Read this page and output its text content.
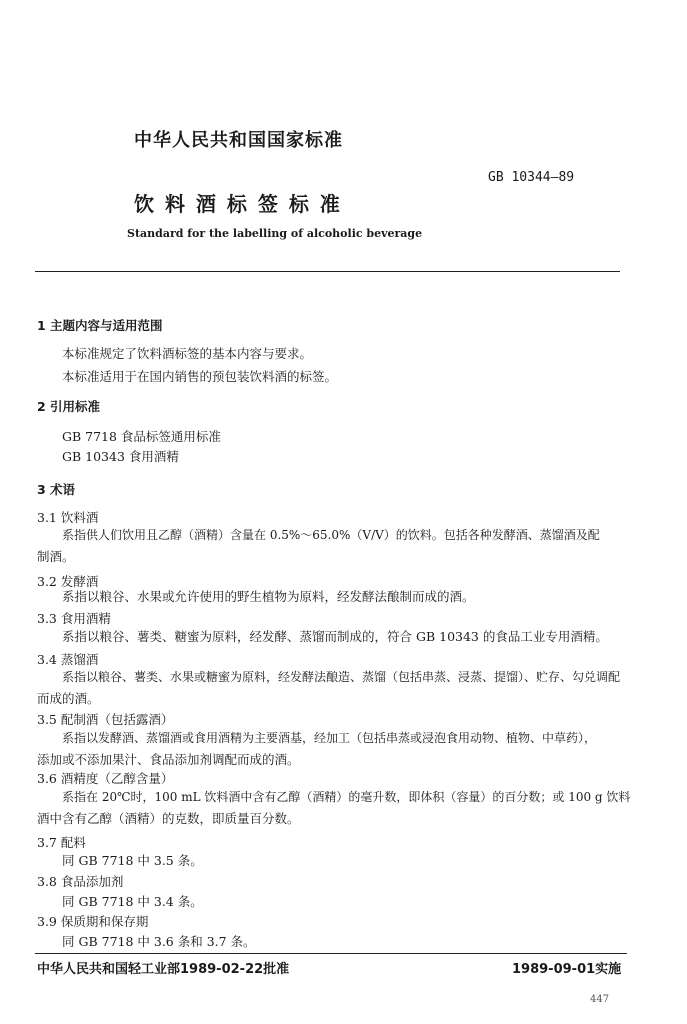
中华人民共和国国家标准
GB 10344—89
饮 料 酒 标 签 标 准
Standard for the labelling of alcoholic beverage
1 主题内容与适用范围
本标准规定了饮料酒标签的基本内容与要求。
本标准适用于在国内销售的预包装饮料酒的标签。
2 引用标准
GB 7718 食品标签通用标准
GB 10343 食用酒精
3 术语
3.1 饮料酒
系指供人们饮用且乙醇（酒精）含量在 0.5%～65.0%（V/V）的饮料。包括各种发酵酒、蒸馏酒及配
制酒。
3.2 发酵酒
系指以粮谷、水果或允许使用的野生植物为原料，经发酵法酿制而成的酒。
3.3 食用酒精
系指以粮谷、薯类、糖蜜为原料，经发酵、蒸馏而制成的，符合 GB 10343 的食品工业专用酒精。
3.4 蒸馏酒
系指以粮谷、薯类、水果或糖蜜为原料，经发酵法酿造、蒸馏（包括串蒸、浸蒸、提馏）、贮存、勾兑调配
而成的酒。
3.5 配制酒（包括露酒）
系指以发酵酒、蒸馏酒或食用酒精为主要酒基，经加工（包括串蒸或浸泡食用动物、植物、中草药），
添加或不添加果汁、食品添加剂调配而成的酒。
3.6 酒精度（乙醇含量）
系指在 20℃时，100 mL 饮料酒中含有乙醇（酒精）的毫升数，即体积（容量）的百分数；或 100 g 饮料
酒中含有乙醇（酒精）的克数，即质量百分数。
3.7 配料
同 GB 7718 中 3.5 条。
3.8 食品添加剂
同 GB 7718 中 3.4 条。
3.9 保质期和保存期
同 GB 7718 中 3.6 条和 3.7 条。
中华人民共和国轻工业部1989-02-22批准	1989-09-01实施
447
